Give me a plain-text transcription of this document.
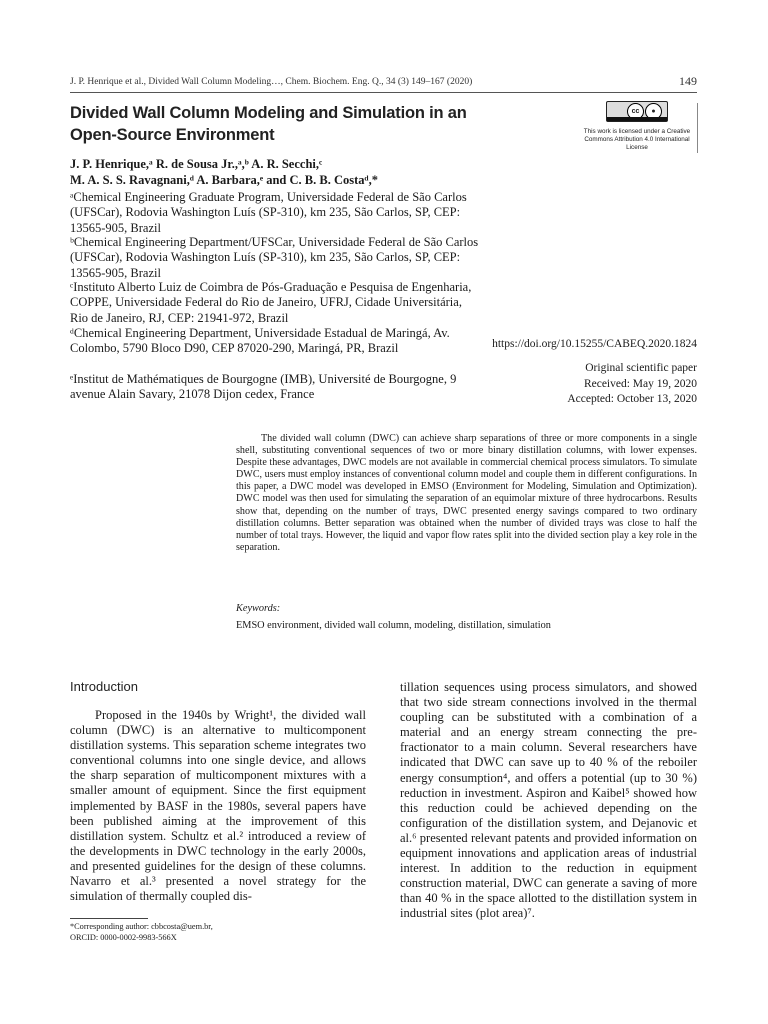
J. P. Henrique et al., Divided Wall Column Modeling…, Chem. Biochem. Eng. Q., 34 (3) 149–167 (2020)	149
Divided Wall Column Modeling and Simulation in an Open-Source Environment
cc	●
This work is licensed under a Creative Commons Attribution 4.0 International License
J. P. Henrique,ᵃ R. de Sousa Jr.,ᵃ,ᵇ A. R. Secchi,ᶜ
M. A. S. S. Ravagnani,ᵈ A. Barbara,ᵉ and C. B. B. Costaᵈ,*
ᵃChemical Engineering Graduate Program, Universidade Federal de São Carlos (UFSCar), Rodovia Washington Luís (SP-310), km 235, São Carlos, SP, CEP: 13565-905, Brazil
ᵇChemical Engineering Department/UFSCar, Universidade Federal de São Carlos (UFSCar), Rodovia Washington Luís (SP-310), km 235, São Carlos, SP, CEP: 13565-905, Brazil
ᶜInstituto Alberto Luiz de Coimbra de Pós-Graduação e Pesquisa de Engenharia, COPPE, Universidade Federal do Rio de Janeiro, UFRJ, Cidade Universitária, Rio de Janeiro, RJ, CEP: 21941-972, Brazil
ᵈChemical Engineering Department, Universidade Estadual de Maringá, Av. Colombo, 5790 Bloco D90, CEP 87020-290, Maringá, PR, Brazil
ᵉInstitut de Mathématiques de Bourgogne (IMB), Université de Bourgogne, 9 avenue Alain Savary, 21078 Dijon cedex, France
https://doi.org/10.15255/CABEQ.2020.1824
Original scientific paper
Received: May 19, 2020
Accepted: October 13, 2020
The divided wall column (DWC) can achieve sharp separations of three or more components in a single shell, substituting conventional sequences of two or more binary distillation columns, with lower expenses. Despite these advantages, DWC models are not available in commercial chemical process simulators. To simulate DWC, users must employ instances of conventional column model and couple them in different configurations. In this paper, a DWC model was developed in EMSO (Environment for Modeling, Simulation and Optimization). DWC model was then used for simulating the separation of an equimolar mixture of three hydrocarbons. Results show that, depending on the number of trays, DWC presented energy savings compared to two ordinary distillation columns. Better separation was obtained when the number of divided trays was close to half the number of total trays. However, the liquid and vapor flow rates split into the divided section play a key role in the separation.
Keywords:
EMSO environment, divided wall column, modeling, distillation, simulation
Introduction
Proposed in the 1940s by Wright¹, the divided wall column (DWC) is an alternative to multicomponent distillation systems. This separation scheme integrates two conventional columns into one single device, and allows the sharp separation of multicomponent mixtures with a smaller amount of equipment. Since the first equipment implemented by BASF in the 1980s, several papers have been published aiming at the improvement of this distillation system. Schultz et al.² introduced a review of the developments in DWC technology in the early 2000s, and presented guidelines for the design of these columns. Navarro et al.³ presented a novel strategy for the simulation of thermally coupled dis-
tillation sequences using process simulators, and showed that two side stream connections involved in the thermal coupling can be substituted with a combination of a material and an energy stream connecting the pre-fractionator to a main column. Several researchers have indicated that DWC can save up to 40 % of the reboiler energy consumption⁴, and offers a potential (up to 30 %) reduction in investment. Aspiron and Kaibel⁵ showed how this reduction could be achieved depending on the configuration of the distillation system, and Dejanovic et al.⁶ presented relevant patents and provided information on equipment innovations and application areas of industrial interest. In addition to the reduction in equipment construction material, DWC can generate a saving of more than 40 % in the space allotted to the distillation system in industrial sites (plot area)⁷.
*Corresponding author: cbbcosta@uem.br,
ORCID: 0000-0002-9983-566X
